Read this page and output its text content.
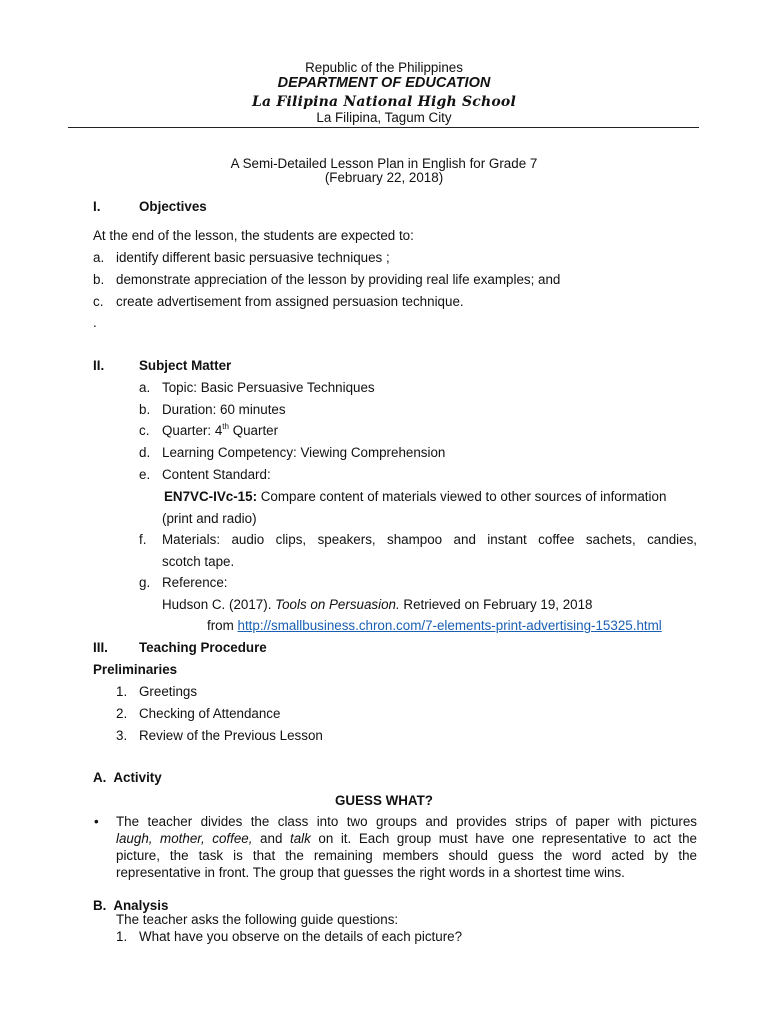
Republic of the Philippines
DEPARTMENT OF EDUCATION
La Filipina National High School
La Filipina, Tagum City
A Semi-Detailed Lesson Plan in English for Grade 7
(February 22, 2018)
I.	Objectives
At the end of the lesson, the students are expected to:
a. identify different basic persuasive techniques ;
b. demonstrate appreciation of the lesson by providing real life examples; and
c. create advertisement from assigned persuasion technique.
.
II.	Subject Matter
a. Topic: Basic Persuasive Techniques
b. Duration: 60 minutes
c. Quarter: 4th Quarter
d. Learning Competency: Viewing Comprehension
e. Content Standard:
EN7VC-IVc-15: Compare content of materials viewed to other sources of information
(print and radio)
f. Materials: audio clips, speakers, shampoo and instant coffee sachets, candies,
scotch tape.
g. Reference:
Hudson C. (2017). Tools on Persuasion. Retrieved on February 19, 2018
from http://smallbusiness.chron.com/7-elements-print-advertising-15325.html
III. Teaching Procedure
Preliminaries
1. Greetings
2. Checking of Attendance
3. Review of the Previous Lesson
A.  Activity
GUESS WHAT?
• The teacher divides the class into two groups and provides strips of paper with pictures
laugh, mother, coffee, and talk on it. Each group must have one representative to act the
picture, the task is that the remaining members should guess the word acted by the
representative in front. The group that guesses the right words in a shortest time wins.
B.  Analysis
The teacher asks the following guide questions:
1. What have you observe on the details of each picture?
